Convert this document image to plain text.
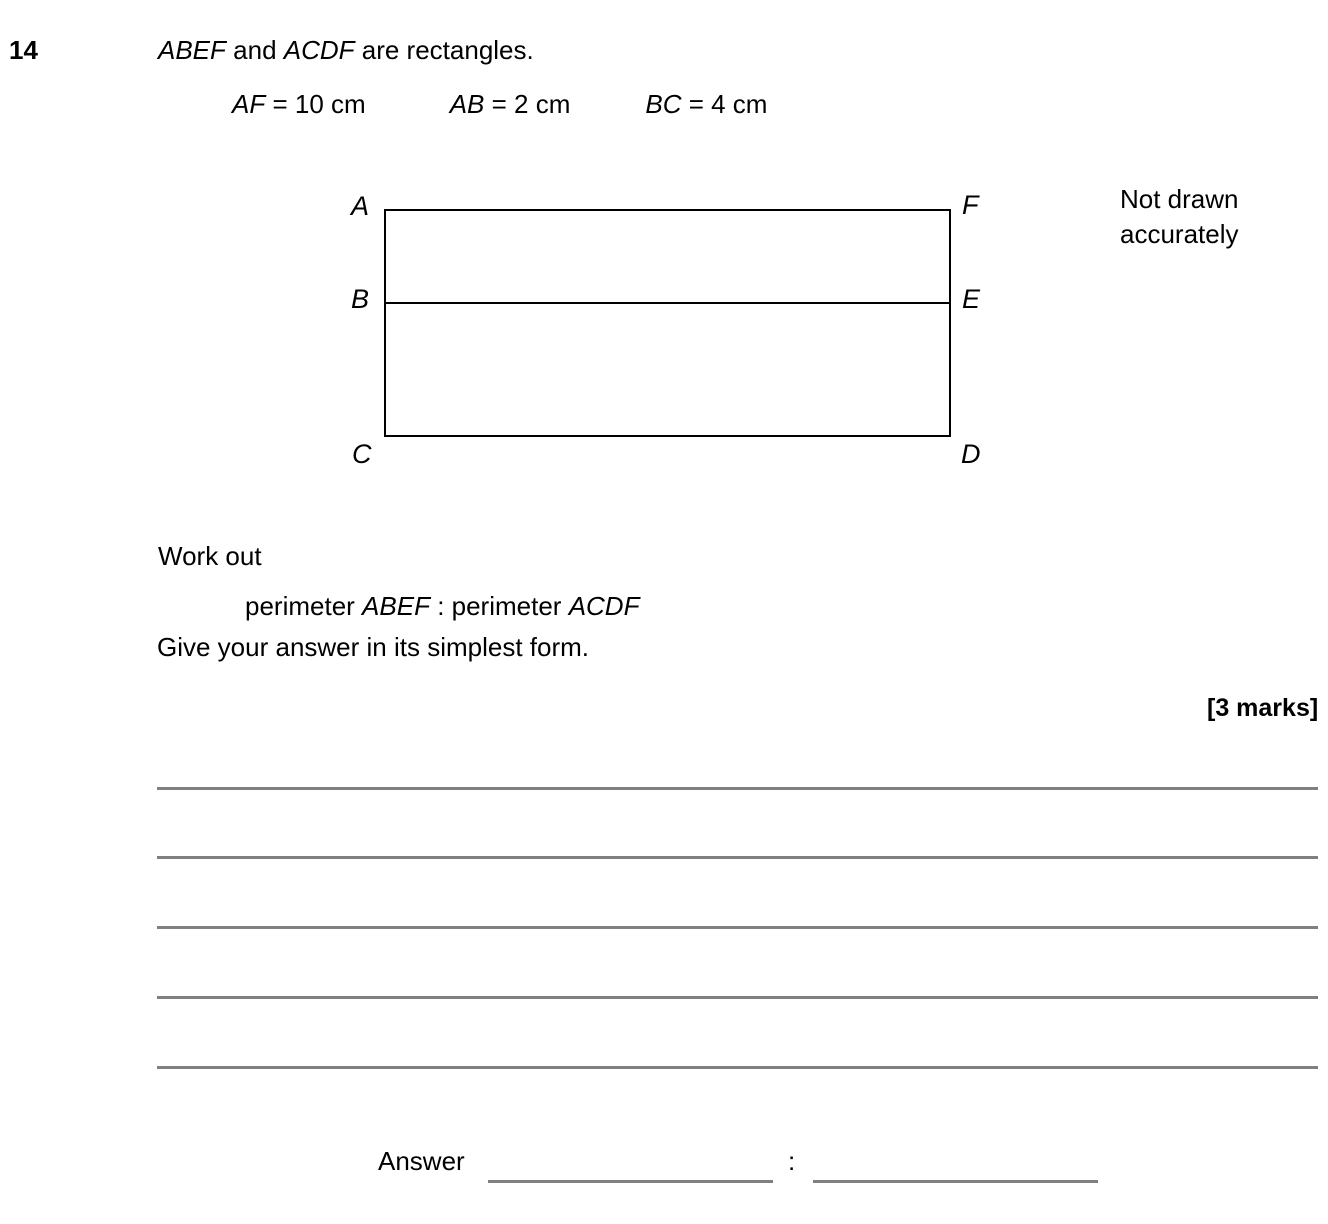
14	ABEF and ACDF are rectangles.
AF = 10 cm	AB = 2 cm	BC = 4 cm
A
B
C	D
E
F	Not drawn
accurately
Work out
perimeter ABEF : perimeter ACDF
Give your answer in its simplest form.
[3 marks]
Answer	:
